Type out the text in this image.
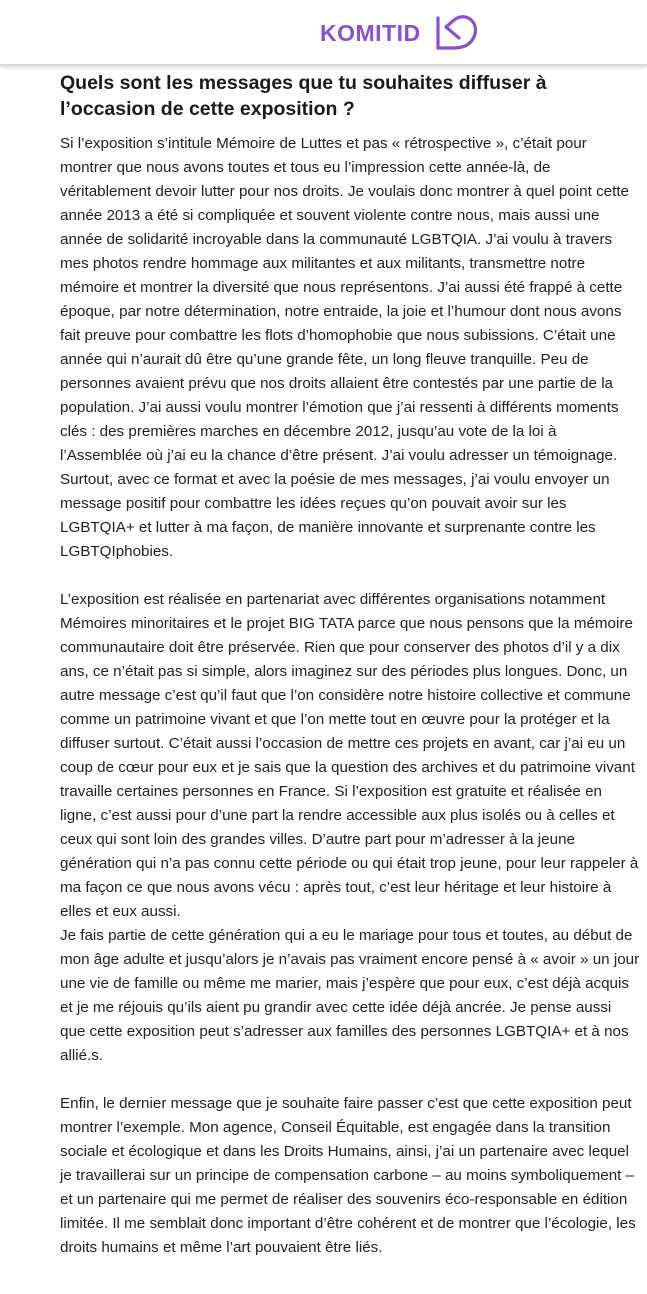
KOMITID
Quels sont les messages que tu souhaites diffuser à l’occasion de cette exposition ?

Si l’exposition s’intitule Mémoire de Luttes et pas « rétrospective », c’était pour montrer que nous avons toutes et tous eu l’impression cette année-là, de véritablement devoir lutter pour nos droits. Je voulais donc montrer à quel point cette année 2013 a été si compliquée et souvent violente contre nous, mais aussi une année de solidarité incroyable dans la communauté LGBTQIA. J’ai voulu à travers mes photos rendre hommage aux militantes et aux militants, transmettre notre mémoire et montrer la diversité que nous représentons. J’ai aussi été frappé à cette époque, par notre détermination, notre entraide, la joie et l’humour dont nous avons fait preuve pour combattre les flots d’homophobie que nous subissions. C’était une année qui n’aurait dû être qu’une grande fête, un long fleuve tranquille. Peu de personnes avaient prévu que nos droits allaient être contestés par une partie de la population. J’ai aussi voulu montrer l’émotion que j’ai ressenti à différents moments clés : des premières marches en décembre 2012, jusqu’au vote de la loi à l’Assemblée où j’ai eu la chance d’être présent. J’ai voulu adresser un témoignage. Surtout, avec ce format et avec la poésie de mes messages, j’ai voulu envoyer un message positif pour combattre les idées reçues qu’on pouvait avoir sur les LGBTQIA+ et lutter à ma façon, de manière innovante et surprenante contre les LGBTQIphobies.

L’exposition est réalisée en partenariat avec différentes organisations notamment Mémoires minoritaires et le projet BIG TATA parce que nous pensons que la mémoire communautaire doit être préservée. Rien que pour conserver des photos d’il y a dix ans, ce n’était pas si simple, alors imaginez sur des périodes plus longues. Donc, un autre message c’est qu’il faut que l’on considère notre histoire collective et commune comme un patrimoine vivant et que l’on mette tout en œuvre pour la protéger et la diffuser surtout. C’était aussi l’occasion de mettre ces projets en avant, car j’ai eu un coup de cœur pour eux et je sais que la question des archives et du patrimoine vivant travaille certaines personnes en France. Si l’exposition est gratuite et réalisée en ligne, c’est aussi pour d’une part la rendre accessible aux plus isolés ou à celles et ceux qui sont loin des grandes villes. D’autre part pour m’adresser à la jeune génération qui n’a pas connu cette période ou qui était trop jeune, pour leur rappeler à ma façon ce que nous avons vécu : après tout, c’est leur héritage et leur histoire à elles et eux aussi.

Je fais partie de cette génération qui a eu le mariage pour tous et toutes, au début de mon âge adulte et jusqu’alors je n’avais pas vraiment encore pensé à « avoir » un jour une vie de famille ou même me marier, mais j’espère que pour eux, c’est déjà acquis et je me réjouis qu’ils aient pu grandir avec cette idée déjà ancrée. Je pense aussi que cette exposition peut s’adresser aux familles des personnes LGBTQIA+ et à nos allié.s.

Enfin, le dernier message que je souhaite faire passer c’est que cette exposition peut montrer l’exemple. Mon agence, Conseil Équitable, est engagée dans la transition sociale et écologique et dans les Droits Humains, ainsi, j’ai un partenaire avec lequel je travaillerai sur un principe de compensation carbone – au moins symboliquement – et un partenaire qui me permet de réaliser des souvenirs éco-responsable en édition limitée. Il me semblait donc important d’être cohérent et de montrer que l’écologie, les droits humains et même l’art pouvaient être liés.
